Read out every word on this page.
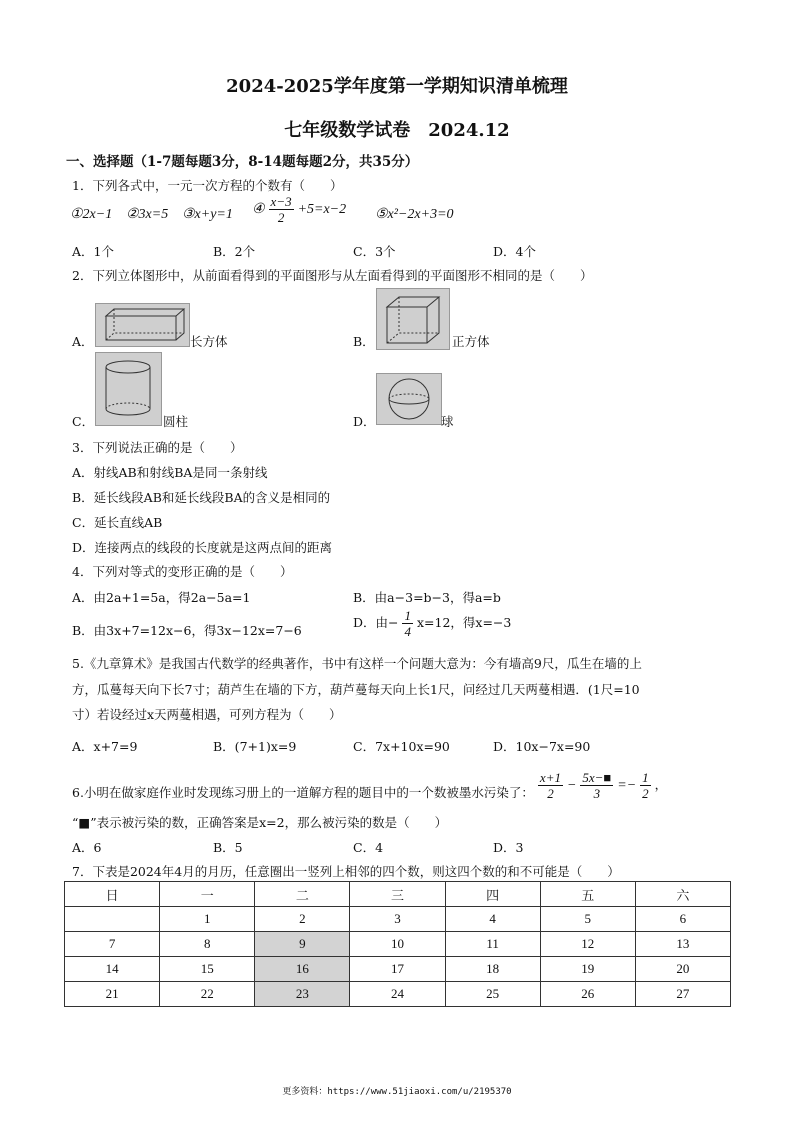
2024-2025学年度第一学期知识清单梳理
七年级数学试卷　2024.12
一、选择题（1-7题每题3分，8-14题每题2分，共35分）
1．下列各式中，一元一次方程的个数有（　　）
①2x−1 ②3x=5 ③x+y=1 ④ $\frac{x-3}{2} +5=x-2$ ⑤x²−2x+3=0
A．1个	B．2个	C．3个	D．4个
2．下列立体图形中，从前面看得到的平面图形与从左面看得到的平面图形不相同的是（　　）
A．	长方体	B．	正方体
C．	圆柱	D．	球
3．下列说法正确的是（　　）
A．射线AB和射线BA是同一条射线
B．延长线段AB和延长线段BA的含义是相同的
C．延长直线AB
D．连接两点的线段的长度就是这两点间的距离
4．下列对等式的变形正确的是（　　）
A．由2a+1=5a，得2a−5a=1	B．由a−3=b−3，得a=b
B．由3x+7=12x−6，得3x−12x=7−6
D．由− $\frac{1}{4} x=12$，得x=−3
5.《九章算术》是我国古代数学的经典著作，书中有这样一个问题大意为：今有墙高9尺，瓜生在墙的上
方，瓜蔓每天向下长7寸；葫芦生在墙的下方，葫芦蔓每天向上长1尺，问经过几天两蔓相遇．(1尺=10
寸）若设经过x天两蔓相遇，可列方程为（　　）
A．x+7=9	B．(7+1)x=9	C．7x+10x=90	D．10x−7x=90
6.小明在做家庭作业时发现练习册上的一道解方程的题目中的一个数被墨水污染了： $\frac{x+1}{2} - \frac{5x-■}{3} =- \frac{1}{2}$ ，
“■”表示被污染的数，正确答案是x=2，那么被污染的数是（　　）
A．6	B．5	C．4	D．3
7．下表是2024年4月的月历，任意圈出一竖列上相邻的四个数，则这四个数的和不可能是（　　）
日	一	二	三	四	五	六
	1	2	3	4	5	6
7	8	9	10	11	12	13
14	15	16	17	18	19	20
21	22	23	24	25	26	27
更多资料：https://www.51jiaoxi.com/u/2195370
